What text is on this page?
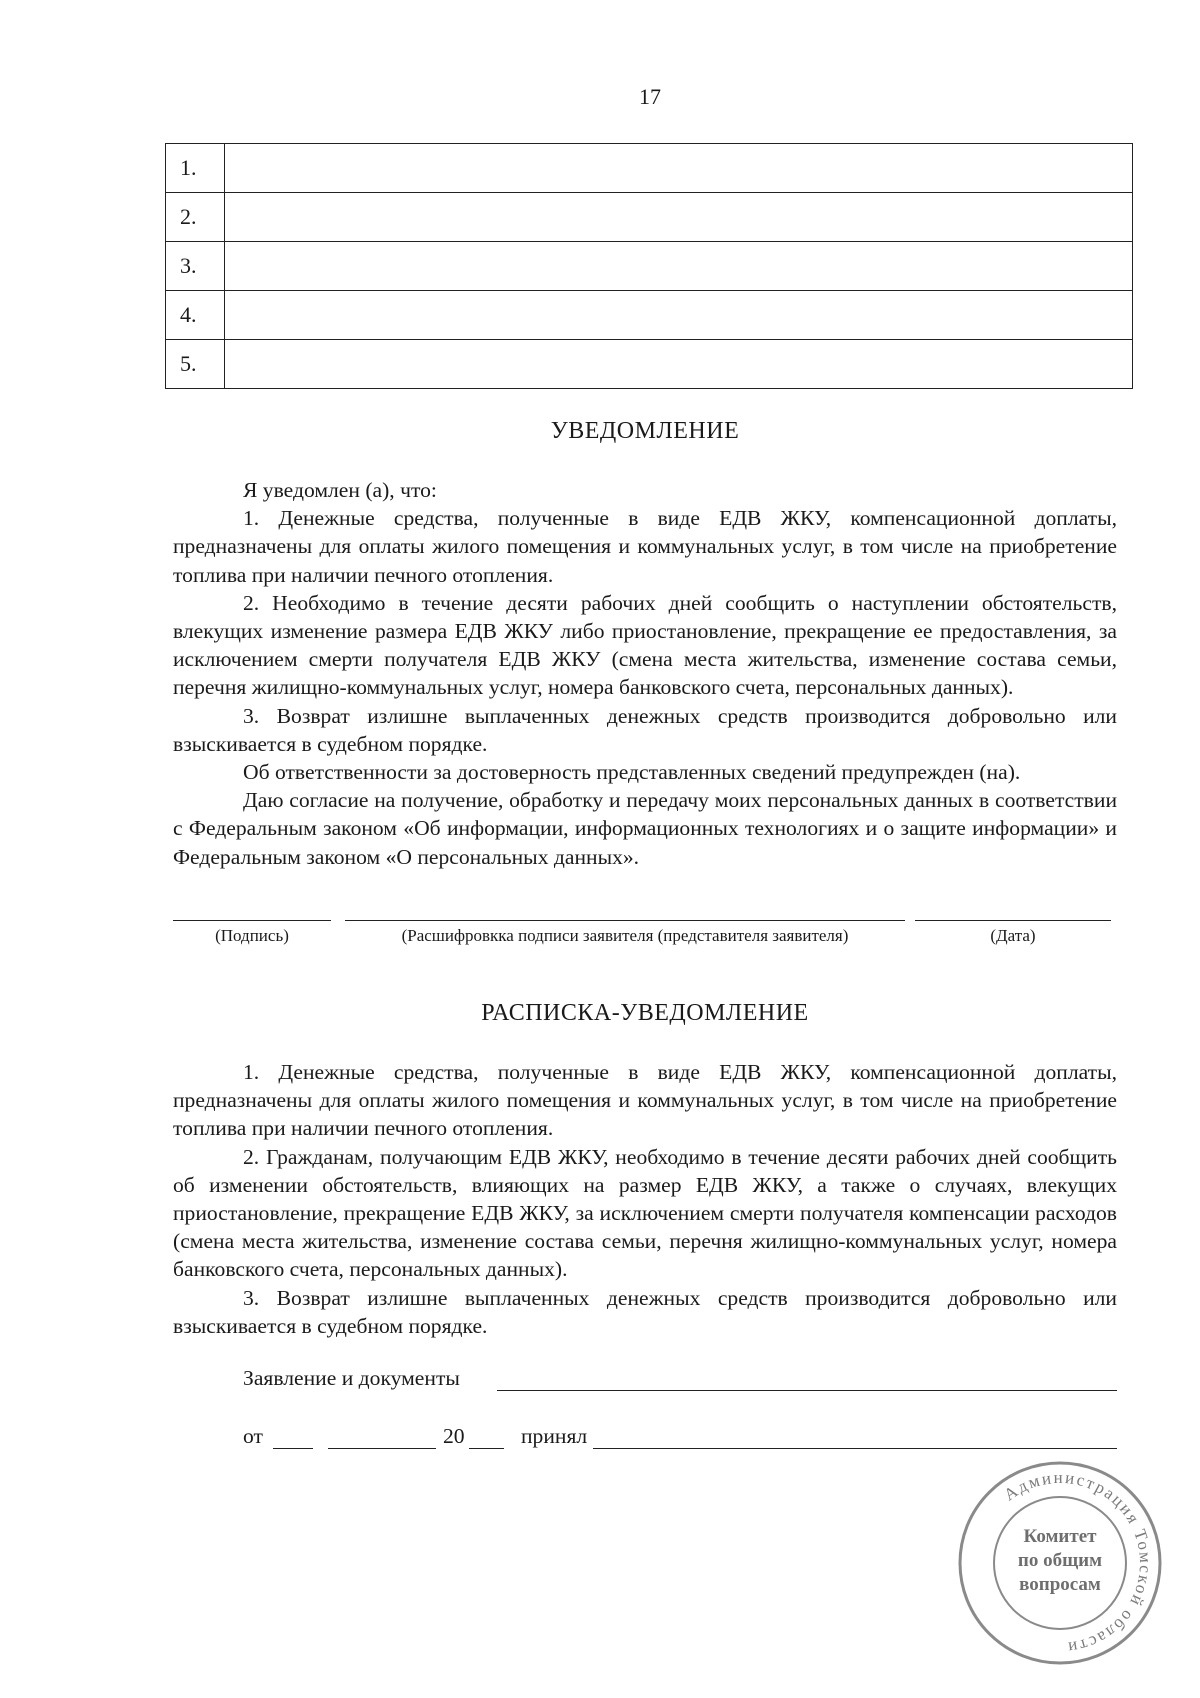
17
1.	
2.	
3.	
4.	
5.	
УВЕДОМЛЕНИЕ

Я уведомлен (а), что:

1. Денежные средства, полученные в виде ЕДВ ЖКУ, компенсационной доплаты, предназначены для оплаты жилого помещения и коммунальных услуг, в том числе на приобретение топлива при наличии печного отопления.

2. Необходимо в течение десяти рабочих дней сообщить о наступлении обстоятельств, влекущих изменение размера ЕДВ ЖКУ либо приостановление, прекращение ее предоставления, за исключением смерти получателя ЕДВ ЖКУ (смена места жительства, изменение состава семьи, перечня жилищно-коммунальных услуг, номера банковского счета, персональных данных).

3. Возврат излишне выплаченных денежных средств производится добровольно или взыскивается в судебном порядке.

Об ответственности за достоверность представленных сведений предупрежден (на).

Даю согласие на получение, обработку и передачу моих персональных данных в соответствии с Федеральным законом «Об информации, информационных технологиях и о защите информации» и Федеральным законом «О персональных данных».

(Подпись)	(Расшифровкка подписи заявителя (представителя заявителя)	(Дата)
РАСПИСКА-УВЕДОМЛЕНИЕ

1. Денежные средства, полученные в виде ЕДВ ЖКУ, компенсационной доплаты, предназначены для оплаты жилого помещения и коммунальных услуг, в том числе на приобретение топлива при наличии печного отопления.

2. Гражданам, получающим ЕДВ ЖКУ, необходимо в течение десяти рабочих дней сообщить об изменении обстоятельств, влияющих на размер ЕДВ ЖКУ, а также о случаях, влекущих приостановление, прекращение ЕДВ ЖКУ, за исключением смерти получателя компенсации расходов (смена места жительства, изменение состава семьи, перечня жилищно-коммунальных услуг, номера банковского счета, персональных данных).

3. Возврат излишне выплаченных денежных средств производится добровольно или взыскивается в судебном порядке.

Заявление и документы
от	20	принял
Администрация Томской области
Комитет
по общим
вопросам
